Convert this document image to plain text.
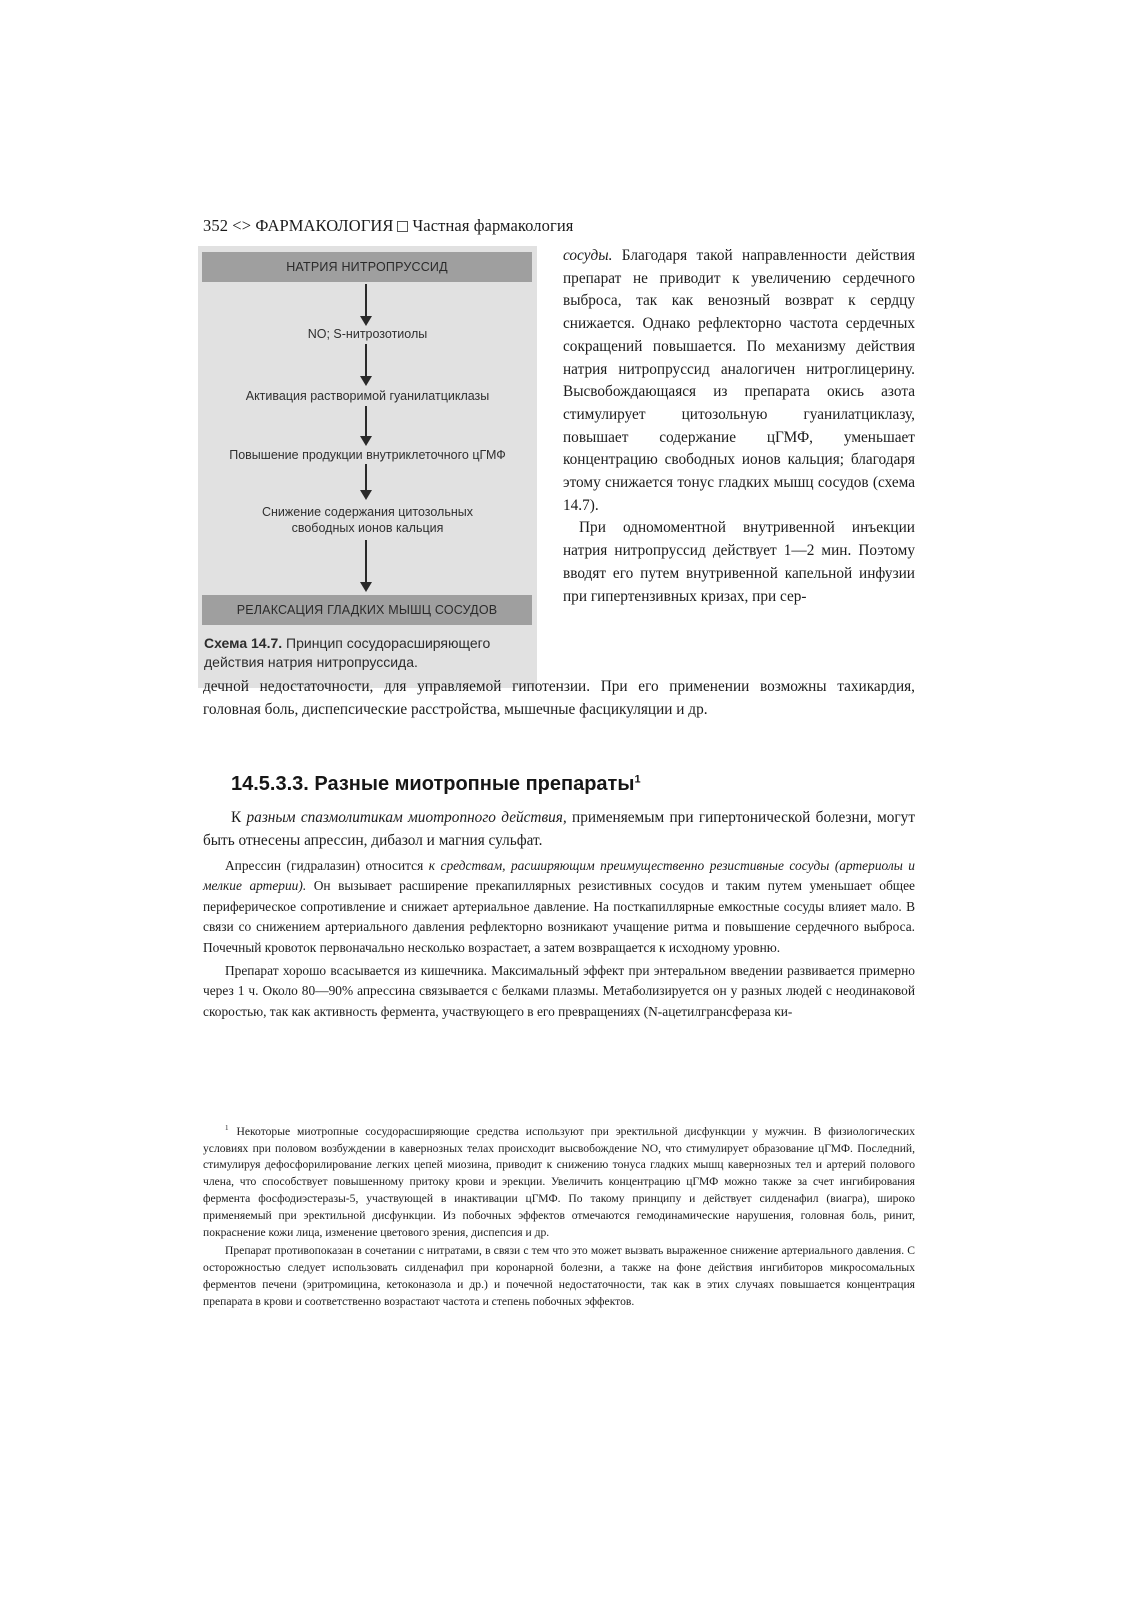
352 <> ФАРМАКОЛОГИЯ Частная фармакология
НАТРИЯ НИТРОПРУССИД
NO; S-нитрозотиолы
Активация растворимой гуанилатциклазы
Повышение продукции внутриклеточного цГМФ
Снижение содержания цитозольных
свободных ионов кальция
РЕЛАКСАЦИЯ ГЛАДКИХ МЫШЦ СОСУДОВ
Схема 14.7. Принцип сосудорасширяющего действия натрия нитропруссида.

сосуды. Благодаря такой направленности действия препарат не приводит к увеличению сердечного выброса, так как венозный возврат к сердцу снижается. Однако рефлекторно частота сердечных сокращений повышается. По механизму действия натрия нитропруссид аналогичен нитроглицерину. Высвобождающаяся из препарата окись азота стимулирует цитозольную гуанилатциклазу, повышает содержание цГМФ, уменьшает концентрацию свободных ионов кальция; благодаря этому снижается тонус гладких мышц сосудов (схема 14.7).

При одномоментной внутривенной инъекции натрия нитропруссид действует 1—2 мин. Поэтому вводят его путем внутривенной капельной инфузии при гипертензивных кризах, при сер-

дечной недостаточности, для управляемой гипотензии. При его применении возможны тахикардия, головная боль, диспепсические расстройства, мышечные фасцикуляции и др.

14.5.3.3. Разные миотропные препараты$^1$

К разным спазмолитикам миотропного действия, применяемым при гипертонической болезни, могут быть отнесены апрессин, дибазол и магния сульфат.

Апрессин (гидралазин) относится к средствам, расширяющим преимущественно резистивные сосуды (артериолы и мелкие артерии). Он вызывает расширение прекапиллярных резистивных сосудов и таким путем уменьшает общее периферическое сопротивление и снижает артериальное давление. На посткапиллярные емкостные сосуды влияет мало. В связи со снижением артериального давления рефлекторно возникают учащение ритма и повышение сердечного выброса. Почечный кровоток первоначально несколько возрастает, а затем возвращается к исходному уровню.

Препарат хорошо всасывается из кишечника. Максимальный эффект при энтеральном введении развивается примерно через 1 ч. Около 80—90% апрессина связывается с белками плазмы. Метаболизируется он у разных людей с неодинаковой скоростью, так как активность фермента, участвующего в его превращениях (N-ацетилгрансфераза ки-

$^1$ Некоторые миотропные сосудорасширяющие средства используют при эректильной дисфункции у мужчин. В физиологических условиях при половом возбуждении в кавернозных телах происходит высвобождение NO, что стимулирует образование цГМФ. Последний, стимулируя дефосфорилирование легких цепей миозина, приводит к снижению тонуса гладких мышц кавернозных тел и артерий полового члена, что способствует повышенному притоку крови и эрекции. Увеличить концентрацию цГМФ можно также за счет ингибирования фермента фосфодиэстеразы-5, участвующей в инактивации цГМФ. По такому принципу и действует силденафил (виагра), широко применяемый при эректильной дисфункции. Из побочных эффектов отмечаются гемодинамические нарушения, головная боль, ринит, покраснение кожи лица, изменение цветового зрения, диспепсия и др.

Препарат противопоказан в сочетании с нитратами, в связи с тем что это может вызвать выраженное снижение артериального давления. С осторожностью следует использовать силденафил при коронарной болезни, а также на фоне действия ингибиторов микросомальных ферментов печени (эритромицина, кетоконазола и др.) и почечной недостаточности, так как в этих случаях повышается концентрация препарата в крови и соответственно возрастают частота и степень побочных эффектов.
